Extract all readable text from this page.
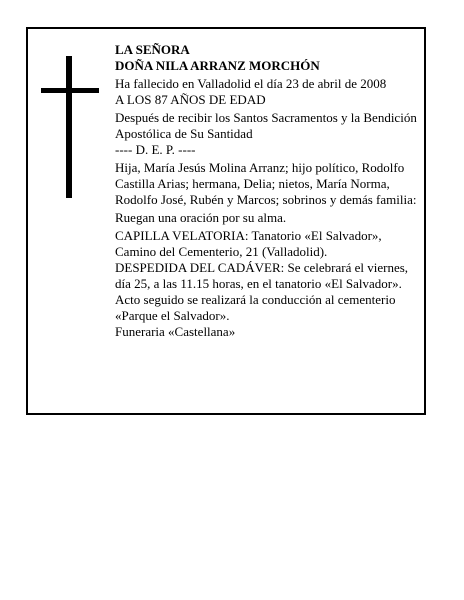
LA SEÑORA

DOÑA NILA ARRANZ MORCHÓN

Ha fallecido en Valladolid el día 23 de abril de 2008

A LOS 87 AÑOS DE EDAD

Después de recibir los Santos Sacramentos y la Bendición Apostólica de Su Santidad

---- D. E. P. ----

Hija, María Jesús Molina Arranz; hijo político, Rodolfo Castilla Arias; hermana, Delia; nietos, María Norma, Rodolfo José, Rubén y Marcos; sobrinos y demás familia:

Ruegan una oración por su alma.

CAPILLA VELATORIA: Tanatorio «El Salvador», Camino del Cementerio, 21 (Valladolid).

DESPEDIDA DEL CADÁVER: Se celebrará el viernes, día 25, a las 11.15 horas, en el tanatorio «El Salvador». Acto seguido se realizará la conducción al cementerio «Parque el Salvador».

Funeraria «Castellana»
